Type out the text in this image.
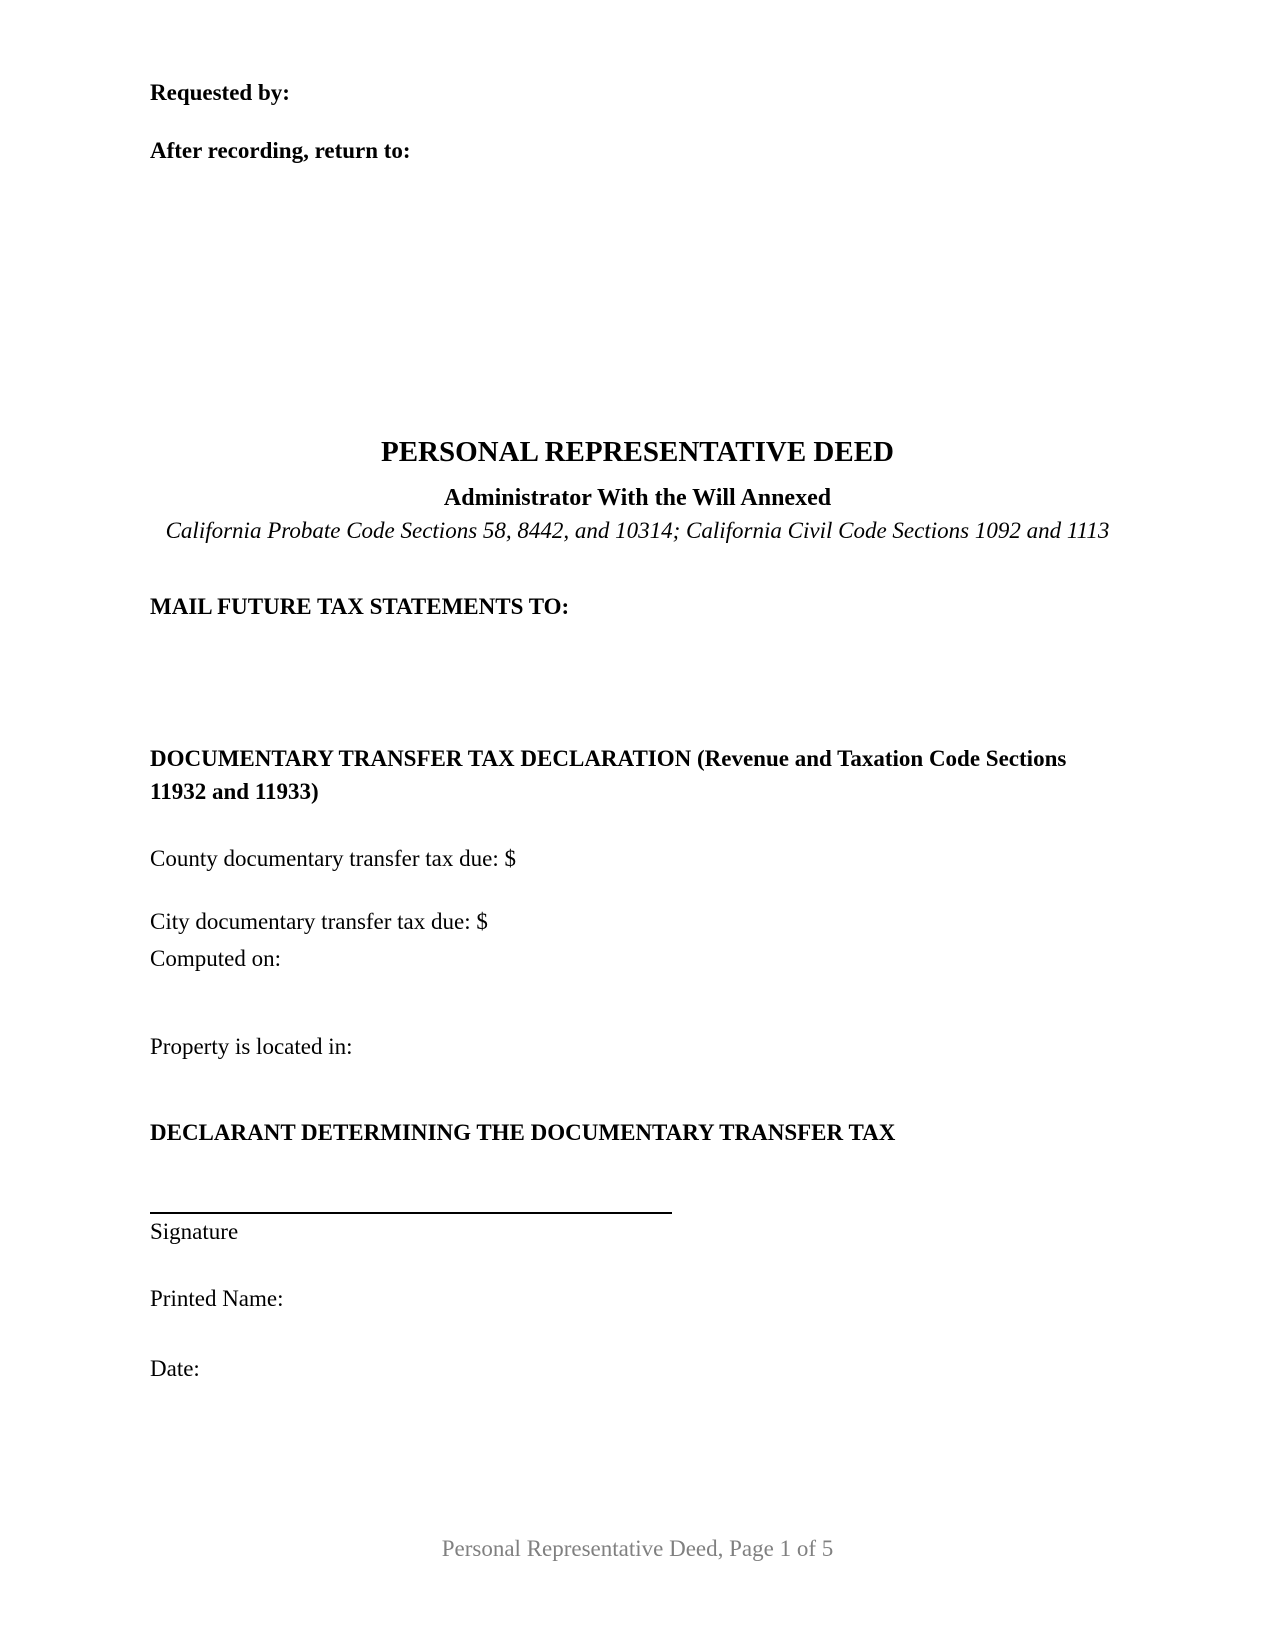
Requested by:
After recording, return to:
PERSONAL REPRESENTATIVE DEED
Administrator With the Will Annexed
California Probate Code Sections 58, 8442, and 10314; California Civil Code Sections 1092 and 1113
MAIL FUTURE TAX STATEMENTS TO:
DOCUMENTARY TRANSFER TAX DECLARATION (Revenue and Taxation Code Sections 11932 and 11933)
County documentary transfer tax due: $
City documentary transfer tax due: $
Computed on:
Property is located in:
DECLARANT DETERMINING THE DOCUMENTARY TRANSFER TAX
Signature
Printed Name:
Date:
Personal Representative Deed, Page 1 of 5
